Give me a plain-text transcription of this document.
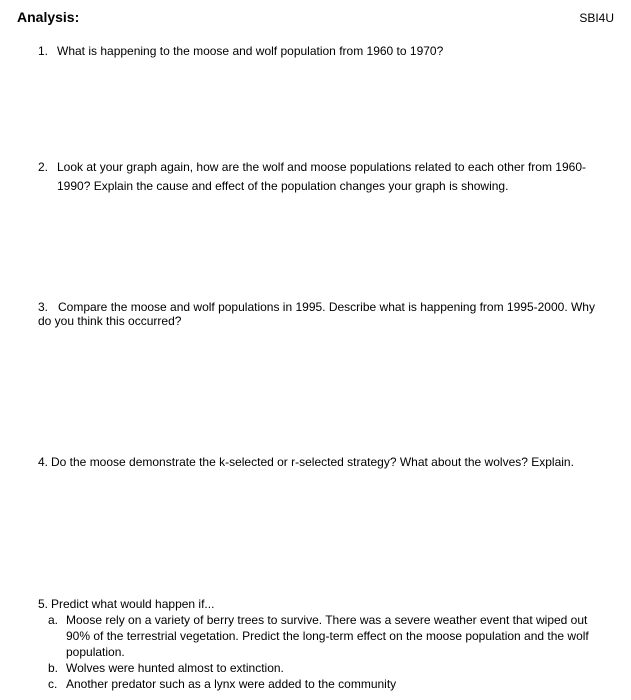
Analysis:	SBI4U
1. What is happening to the moose and wolf population from 1960 to 1970?
2. Look at your graph again, how are the wolf and moose populations related to each other from 1960-
1990? Explain the cause and effect of the population changes your graph is showing.
3. Compare the moose and wolf populations in 1995. Describe what is happening from 1995-2000. Why
do you think this occurred?
4. Do the moose demonstrate the k-selected or r-selected strategy? What about the wolves? Explain.
5. Predict what would happen if...
a. Moose rely on a variety of berry trees to survive. There was a severe weather event that wiped out
90% of the terrestrial vegetation. Predict the long-term effect on the moose population and the wolf
population.
b. Wolves were hunted almost to extinction.
c. Another predator such as a lynx were added to the community
